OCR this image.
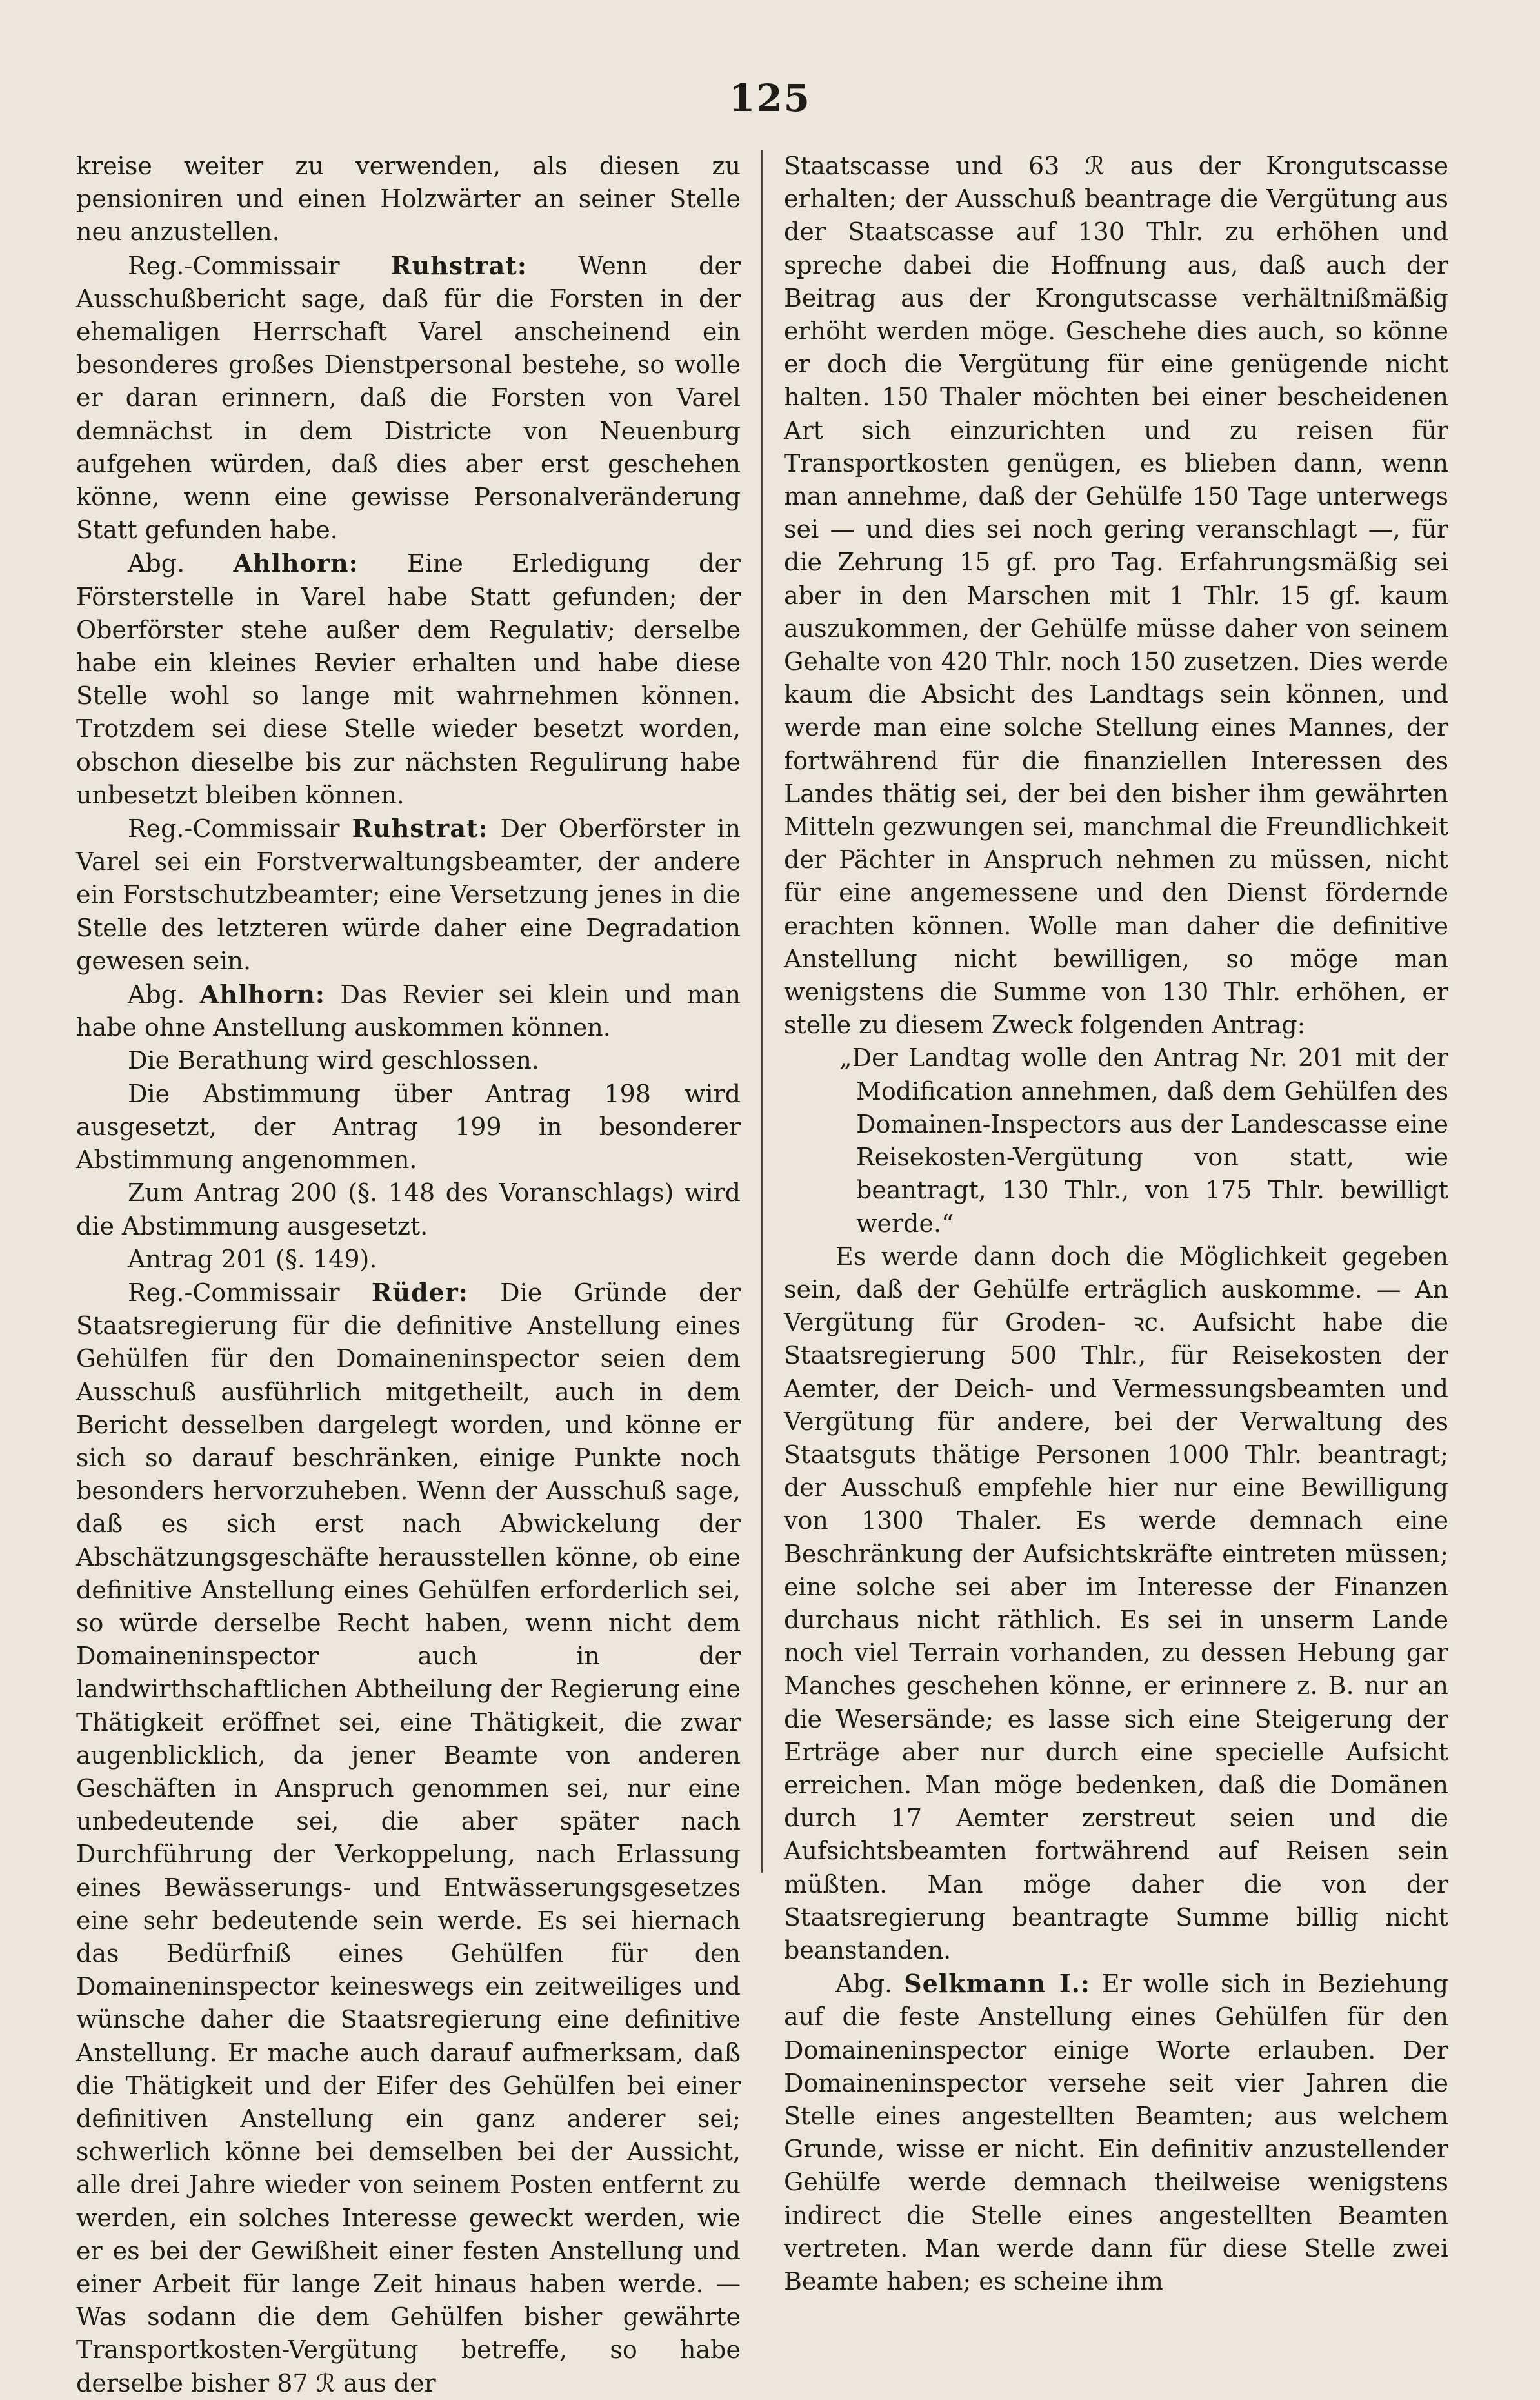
125

kreise weiter zu verwenden, als diesen zu pensioniren und einen Holzwärter an seiner Stelle neu anzustellen.

Reg.-Commissair Ruhstrat: Wenn der Ausschußbericht sage, daß für die Forsten in der ehemaligen Herrschaft Varel anscheinend ein besonderes großes Dienstpersonal bestehe, so wolle er daran erinnern, daß die Forsten von Varel demnächst in dem Districte von Neuenburg aufgehen würden, daß dies aber erst geschehen könne, wenn eine gewisse Personalveränderung Statt gefunden habe.

Abg. Ahlhorn: Eine Erledigung der Försterstelle in Varel habe Statt gefunden; der Oberförster stehe außer dem Regulativ; derselbe habe ein kleines Revier erhalten und habe diese Stelle wohl so lange mit wahrnehmen können. Trotzdem sei diese Stelle wieder besetzt worden, obschon dieselbe bis zur nächsten Regulirung habe unbesetzt bleiben können.

Reg.-Commissair Ruhstrat: Der Oberförster in Varel sei ein Forstverwaltungsbeamter, der andere ein Forstschutzbeamter; eine Versetzung jenes in die Stelle des letzteren würde daher eine Degradation gewesen sein.

Abg. Ahlhorn: Das Revier sei klein und man habe ohne Anstellung auskommen können.

Die Berathung wird geschlossen.

Die Abstimmung über Antrag 198 wird ausgesetzt, der Antrag 199 in besonderer Abstimmung angenommen.

Zum Antrag 200 (§. 148 des Voranschlags) wird die Abstimmung ausgesetzt.

Antrag 201 (§. 149).

Reg.-Commissair Rüder: Die Gründe der Staatsregierung für die definitive Anstellung eines Gehülfen für den Domaineninspector seien dem Ausschuß ausführlich mitgetheilt, auch in dem Bericht desselben dargelegt worden, und könne er sich so darauf beschränken, einige Punkte noch besonders hervorzuheben. Wenn der Ausschuß sage, daß es sich erst nach Abwickelung der Abschätzungsgeschäfte herausstellen könne, ob eine definitive Anstellung eines Gehülfen erforderlich sei, so würde derselbe Recht haben, wenn nicht dem Domaineninspector auch in der landwirthschaftlichen Abtheilung der Regierung eine Thätigkeit eröffnet sei, eine Thätigkeit, die zwar augenblicklich, da jener Beamte von anderen Geschäften in Anspruch genommen sei, nur eine unbedeutende sei, die aber später nach Durchführung der Verkoppelung, nach Erlassung eines Bewässerungs- und Entwässerungsgesetzes eine sehr bedeutende sein werde. Es sei hiernach das Bedürfniß eines Gehülfen für den Domaineninspector keineswegs ein zeitweiliges und wünsche daher die Staatsregierung eine definitive Anstellung. Er mache auch darauf aufmerksam, daß die Thätigkeit und der Eifer des Gehülfen bei einer definitiven Anstellung ein ganz anderer sei; schwerlich könne bei demselben bei der Aussicht, alle drei Jahre wieder von seinem Posten entfernt zu werden, ein solches Interesse geweckt werden, wie er es bei der Gewißheit einer festen Anstellung und einer Arbeit für lange Zeit hinaus haben werde. — Was sodann die dem Gehülfen bisher gewährte Transportkosten-Vergütung betreffe, so habe derselbe bisher 87 ℛ aus der

Staatscasse und 63 ℛ aus der Krongutscasse erhalten; der Ausschuß beantrage die Vergütung aus der Staatscasse auf 130 Thlr. zu erhöhen und spreche dabei die Hoffnung aus, daß auch der Beitrag aus der Krongutscasse verhältnißmäßig erhöht werden möge. Geschehe dies auch, so könne er doch die Vergütung für eine genügende nicht halten. 150 Thaler möchten bei einer bescheidenen Art sich einzurichten und zu reisen für Transportkosten genügen, es blieben dann, wenn man annehme, daß der Gehülfe 150 Tage unterwegs sei — und dies sei noch gering veranschlagt —, für die Zehrung 15 gf. pro Tag. Erfahrungsmäßig sei aber in den Marschen mit 1 Thlr. 15 gf. kaum auszukommen, der Gehülfe müsse daher von seinem Gehalte von 420 Thlr. noch 150 zusetzen. Dies werde kaum die Absicht des Landtags sein können, und werde man eine solche Stellung eines Mannes, der fortwährend für die finanziellen Interessen des Landes thätig sei, der bei den bisher ihm gewährten Mitteln gezwungen sei, manchmal die Freundlichkeit der Pächter in Anspruch nehmen zu müssen, nicht für eine angemessene und den Dienst fördernde erachten können. Wolle man daher die definitive Anstellung nicht bewilligen, so möge man wenigstens die Summe von 130 Thlr. erhöhen, er stelle zu diesem Zweck folgenden Antrag:

„Der Landtag wolle den Antrag Nr. 201 mit der Modification annehmen, daß dem Gehülfen des Domainen-Inspectors aus der Landescasse eine Reisekosten-Vergütung von statt, wie beantragt, 130 Thlr., von 175 Thlr. bewilligt werde.“

Es werde dann doch die Möglichkeit gegeben sein, daß der Gehülfe erträglich auskomme. — An Vergütung für Groden- ꝛc. Aufsicht habe die Staatsregierung 500 Thlr., für Reisekosten der Aemter, der Deich- und Vermessungsbeamten und Vergütung für andere, bei der Verwaltung des Staatsguts thätige Personen 1000 Thlr. beantragt; der Ausschuß empfehle hier nur eine Bewilligung von 1300 Thaler. Es werde demnach eine Beschränkung der Aufsichtskräfte eintreten müssen; eine solche sei aber im Interesse der Finanzen durchaus nicht räthlich. Es sei in unserm Lande noch viel Terrain vorhanden, zu dessen Hebung gar Manches geschehen könne, er erinnere z. B. nur an die Wesersände; es lasse sich eine Steigerung der Erträge aber nur durch eine specielle Aufsicht erreichen. Man möge bedenken, daß die Domänen durch 17 Aemter zerstreut seien und die Aufsichtsbeamten fortwährend auf Reisen sein müßten. Man möge daher die von der Staatsregierung beantragte Summe billig nicht beanstanden.

Abg. Selkmann I.: Er wolle sich in Beziehung auf die feste Anstellung eines Gehülfen für den Domaineninspector einige Worte erlauben. Der Domaineninspector versehe seit vier Jahren die Stelle eines angestellten Beamten; aus welchem Grunde, wisse er nicht. Ein definitiv anzustellender Gehülfe werde demnach theilweise wenigstens indirect die Stelle eines angestellten Beamten vertreten. Man werde dann für diese Stelle zwei Beamte haben; es scheine ihm
